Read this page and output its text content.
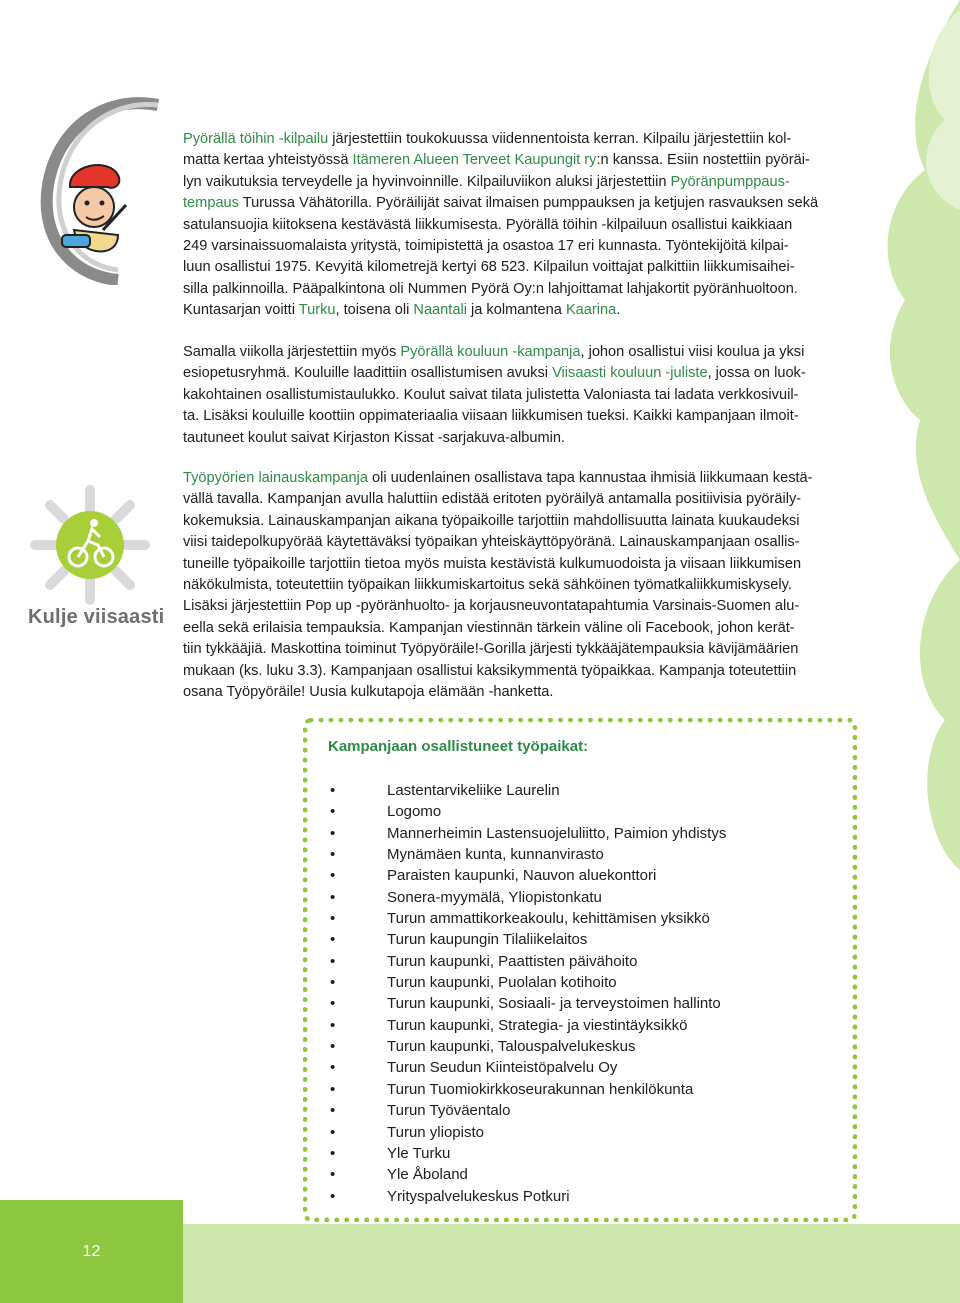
Kulje viisaasti

Pyörällä töihin -kilpailu järjestettiin toukokuussa viidennentoista kerran. Kilpailu järjestettiin kol-
matta kertaa yhteistyössä Itämeren Alueen Terveet Kaupungit ry:n kanssa. Esiin nostettiin pyöräi-
lyn vaikutuksia terveydelle ja hyvinvoinnille. Kilpailuviikon aluksi järjestettiin Pyöränpumppaus-
tempaus Turussa Vähätorilla. Pyöräilijät saivat ilmaisen pumppauksen ja ketjujen rasvauksen sekä
satulansuojia kiitoksena kestävästä liikkumisesta. Pyörällä töihin -kilpailuun osallistui kaikkiaan
249 varsinaissuomalaista yritystä, toimipistettä ja osastoa 17 eri kunnasta. Työntekijöitä kilpai-
luun osallistui 1975. Kevyitä kilometrejä kertyi 68 523. Kilpailun voittajat palkittiin liikkumisaihei-
silla palkinnoilla. Pääpalkintona oli Nummen Pyörä Oy:n lahjoittamat lahjakortit pyöränhuoltoon.
Kuntasarjan voitti Turku, toisena oli Naantali ja kolmantena Kaarina.

Samalla viikolla järjestettiin myös Pyörällä kouluun -kampanja, johon osallistui viisi koulua ja yksi
esiopetusryhmä. Kouluille laadittiin osallistumisen avuksi Viisaasti kouluun -juliste, jossa on luok-
kakohtainen osallistumistaulukko. Koulut saivat tilata julistetta Valoniasta tai ladata verkkosivuil-
ta. Lisäksi kouluille koottiin oppimateriaalia viisaan liikkumisen tueksi. Kaikki kampanjaan ilmoit-
tautuneet koulut saivat Kirjaston Kissat -sarjakuva-albumin.

Työpyörien lainauskampanja oli uudenlainen osallistava tapa kannustaa ihmisiä liikkumaan kestä-
vällä tavalla. Kampanjan avulla haluttiin edistää eritoten pyöräilyä antamalla positiivisia pyöräily-
kokemuksia. Lainauskampanjan aikana työpaikoille tarjottiin mahdollisuutta lainata kuukaudeksi
viisi taidepolkupyörää käytettäväksi työpaikan yhteiskäyttöpyöränä. Lainauskampanjaan osallis-
tuneille työpaikoille tarjottiin tietoa myös muista kestävistä kulkumuodoista ja viisaan liikkumisen
näkökulmista, toteutettiin työpaikan liikkumiskartoitus sekä sähköinen työmatkaliikkumiskysely.
Lisäksi järjestettiin Pop up -pyöränhuolto- ja korjausneuvontatapahtumia Varsinais-Suomen alu-
eella sekä erilaisia tempauksia. Kampanjan viestinnän tärkein väline oli Facebook, johon kerät-
tiin tykkääjiä. Maskottina toiminut Työpyöräile!-Gorilla järjesti tykkääjätempauksia kävijämäärien
mukaan (ks. luku 3.3). Kampanjaan osallistui kaksikymmentä työpaikkaa. Kampanja toteutettiin
osana Työpyöräile! Uusia kulkutapoja elämään -hanketta.

Kampanjaan osallistuneet työpaikat:
•	Lastentarvikeliike Laurelin
•	Logomo
•	Mannerheimin Lastensuojeluliitto, Paimion yhdistys
•	Mynämäen kunta, kunnanvirasto
•	Paraisten kaupunki, Nauvon aluekonttori
•	Sonera-myymälä, Yliopistonkatu
•	Turun ammattikorkeakoulu, kehittämisen yksikkö
•	Turun kaupungin Tilaliikelaitos
•	Turun kaupunki, Paattisten päivähoito
•	Turun kaupunki, Puolalan kotihoito
•	Turun kaupunki, Sosiaali- ja terveystoimen hallinto
•	Turun kaupunki, Strategia- ja viestintäyksikkö
•	Turun kaupunki, Talouspalvelukeskus
•	Turun Seudun Kiinteistöpalvelu Oy
•	Turun Tuomiokirkkoseurakunnan henkilökunta
•	Turun Työväentalo
•	Turun yliopisto
•	Yle Turku
•	Yle Åboland
•	Yrityspalvelukeskus Potkuri
12
